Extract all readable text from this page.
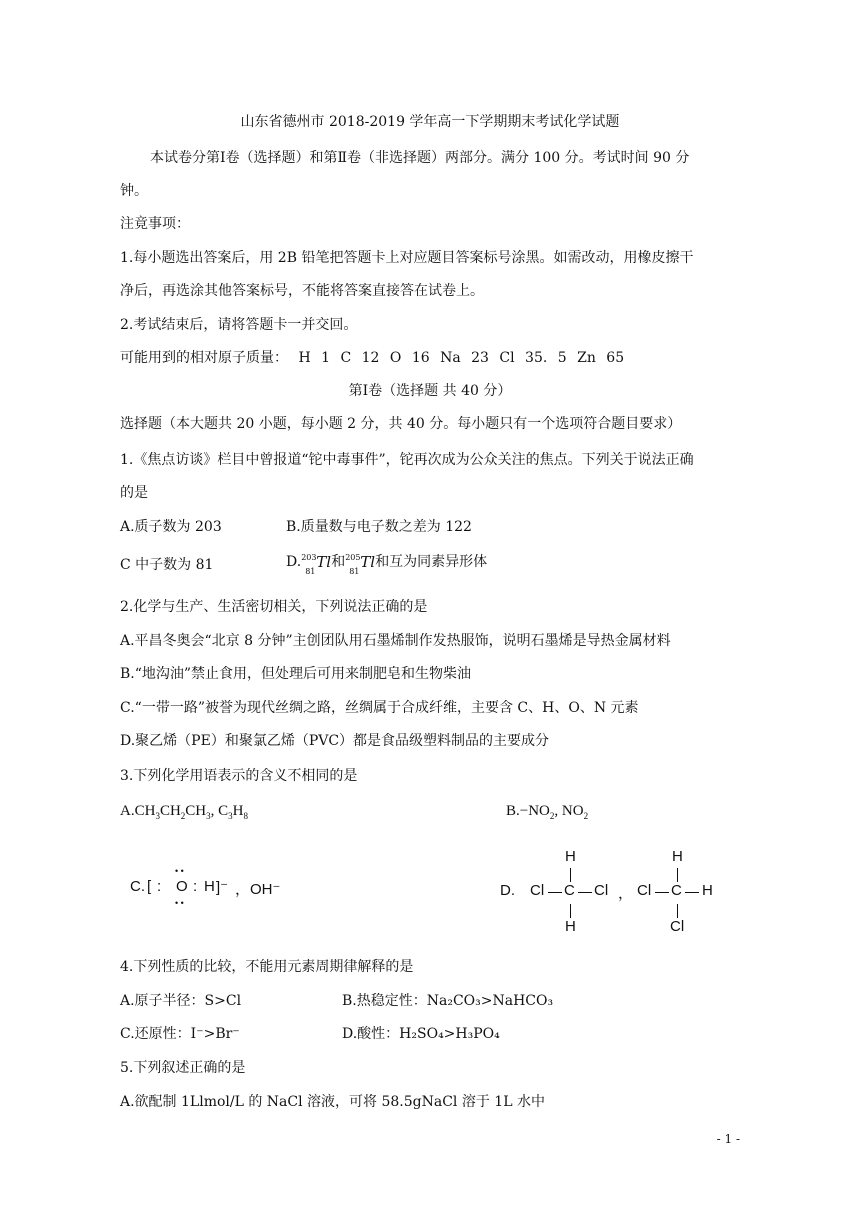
山东省德州市 2018-2019 学年高一下学期期末考试化学试题
本试卷分第Ⅰ卷（选择题）和第Ⅱ卷（非选择题）两部分。满分 100 分。考试时间 90 分
钟。
注竟事项：
1.每小题选出答案后，用 2B 铅笔把答题卡上对应题目答案标号涂黑。如需改动，用橡皮擦干
净后，再选涂其他答案标号，不能将答案直接答在试卷上。
2.考试结束后，请将答题卡一并交回。
可能用到的相对原子质量： H 1 C 12 O 16 Na 23 Cl 35. 5 Zn 65
第Ⅰ卷（选择题 共 40 分）
选择题（本大题共 20 小题，每小题 2 分，共 40 分。每小题只有一个选项符合题目要求）
1.《焦点访谈》栏目中曾报道“铊中毒事件”，铊再次成为公众关注的焦点。下列关于说法正确
的是
A.质子数为 203	B.质量数与电子数之差为 122
C 中子数为 81	D. 203
81
Tl 和 205
81
Tl 和互为同素异形体
2.化学与生产、生活密切相关，下列说法正确的是
A.平昌冬奥会“北京 8 分钟”主创团队用石墨烯制作发热服饰，说明石墨烯是导热金属材料
B.“地沟油”禁止食用，但处理后可用来制肥皂和生物柴油
C.“一带一路”被誉为现代丝绸之路，丝绸属于合成纤维，主要含 C、H、O、N 元素
D.聚乙烯（PE）和聚氯乙烯（PVC）都是食品级塑料制品的主要成分
3.下列化学用语表示的含义不相同的是
$A.CH_3CH_2CH_3$, $C_3H_8$	$B.-NO_2$, $NO_2$
C. [ :
• •
O
• •
: H ]⁻ ，OH⁻	D.
H
Cl C Cl
H
，
H
Cl C H
Cl
4.下列性质的比较，不能用元素周期律解释的是
A.原子半径：S>Cl	B.热稳定性：Na₂CO₃>NaHCO₃
C.还原性：I⁻>Br⁻	D.酸性：H₂SO₄>H₃PO₄
5.下列叙述正确的是
A.欲配制 1Llmol/L 的 NaCl 溶液，可将 58.5gNaCl 溶于 1L 水中
- 1 -
